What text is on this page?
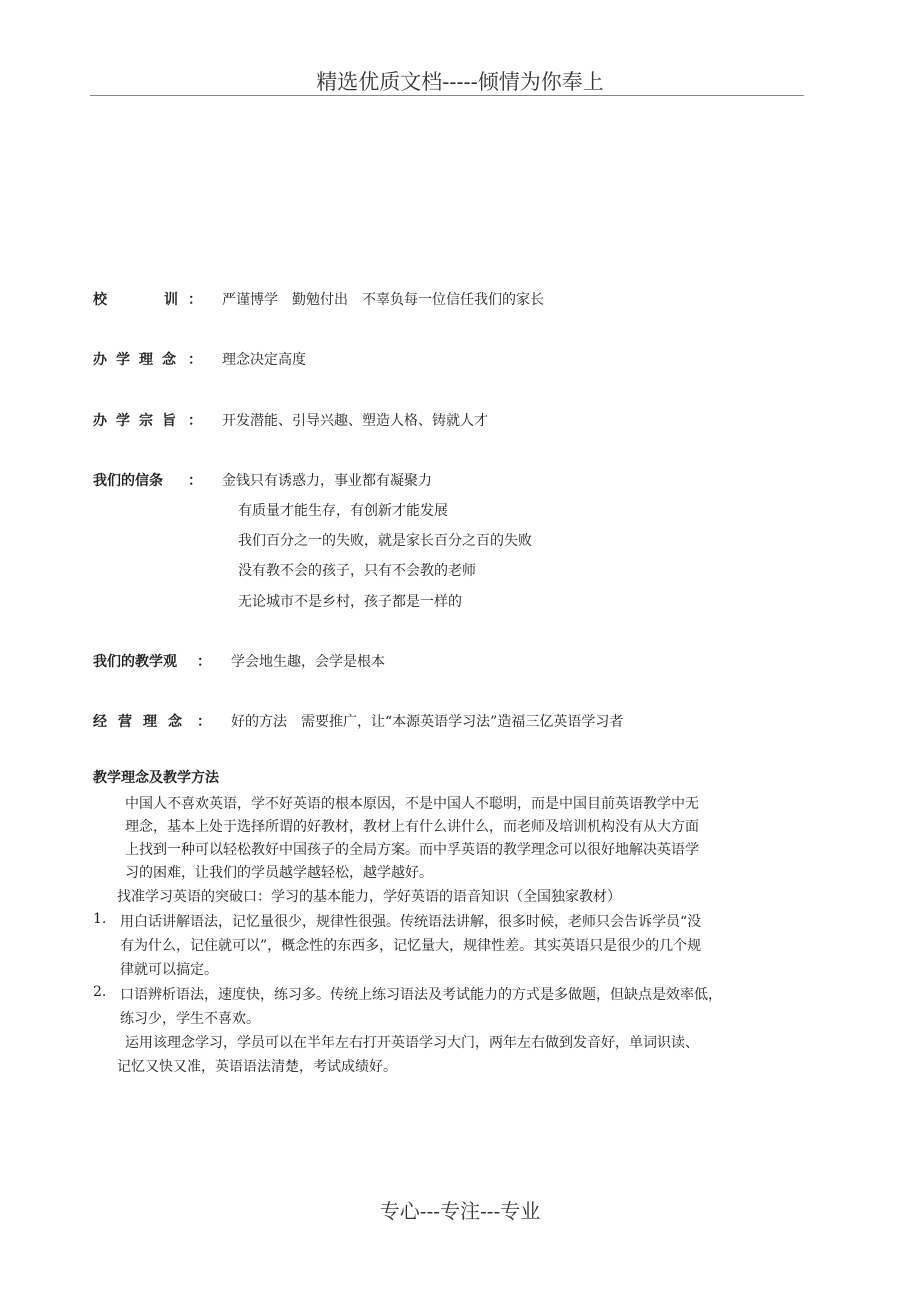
精选优质文档-----倾情为你奉上
校	训 ： 严谨博学　勤勉付出　不辜负每一位信任我们的家长
办学理念 ： 理念决定高度
办学宗旨 ： 开发潜能、引导兴趣、塑造人格、铸就人才
我们的信条 ： 金钱只有诱惑力，事业都有凝聚力
有质量才能生存，有创新才能发展
我们百分之一的失败，就是家长百分之百的失败
没有教不会的孩子，只有不会教的老师
无论城市不是乡村，孩子都是一样的
我们的教学观 ： 学会地生趣，会学是根本
经营理念 ： 好的方法　需要推广，让“本源英语学习法”造福三亿英语学习者
教学理念及教学方法
中国人不喜欢英语，学不好英语的根本原因，不是中国人不聪明，而是中国目前英语教学中无
理念，基本上处于选择所谓的好教材，教材上有什么讲什么，而老师及培训机构没有从大方面
上找到一种可以轻松教好中国孩子的全局方案。而中孚英语的教学理念可以很好地解决英语学
习的困难，让我们的学员越学越轻松，越学越好。
找准学习英语的突破口：学习的基本能力，学好英语的语音知识（全国独家教材）
1. 用白话讲解语法，记忆量很少，规律性很强。传统语法讲解，很多时候，老师只会告诉学员“没
有为什么，记住就可以”，概念性的东西多，记忆量大，规律性差。其实英语只是很少的几个规
律就可以搞定。
2. 口语辨析语法，速度快，练习多。传统上练习语法及考试能力的方式是多做题，但缺点是效率低，
练习少，学生不喜欢。
运用该理念学习，学员可以在半年左右打开英语学习大门，两年左右做到发音好，单词识读、
记忆又快又准，英语语法清楚，考试成绩好。
专心---专注---专业
